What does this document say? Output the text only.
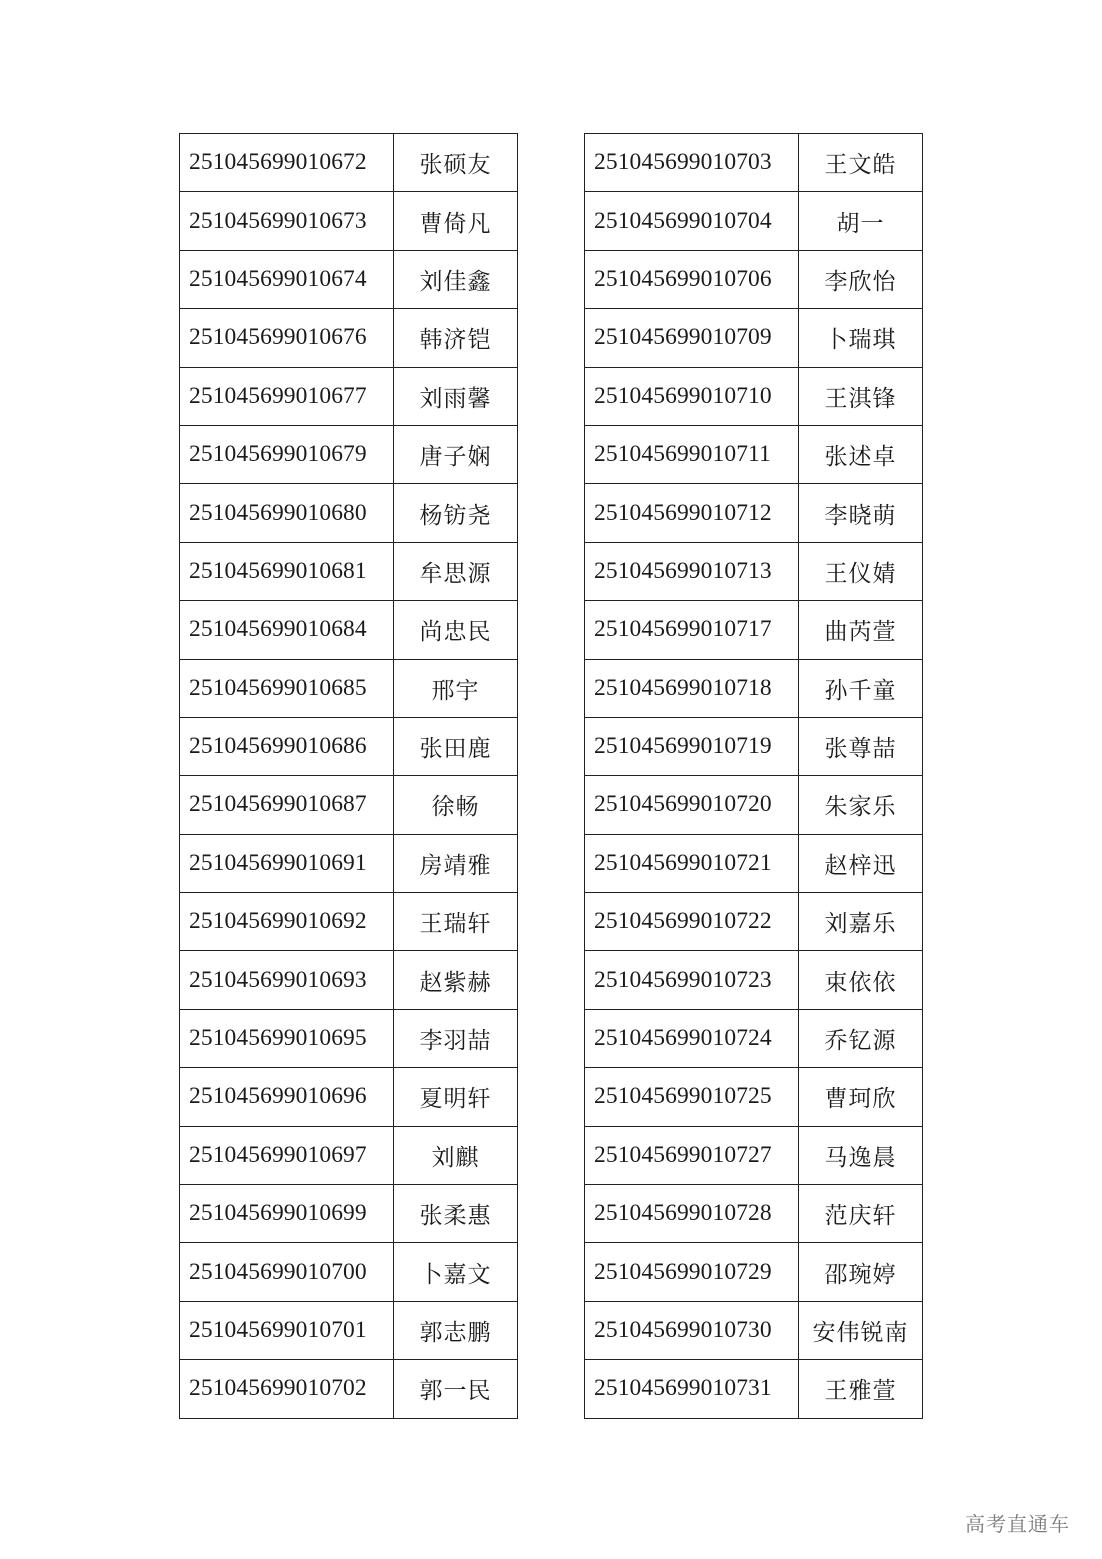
251045699010672	张硕友
251045699010673	曹倚凡
251045699010674	刘佳鑫
251045699010676	韩济铠
251045699010677	刘雨馨
251045699010679	唐子娴
251045699010680	杨钫尧
251045699010681	牟思源
251045699010684	尚忠民
251045699010685	邢宇
251045699010686	张田鹿
251045699010687	徐畅
251045699010691	房靖雅
251045699010692	王瑞轩
251045699010693	赵紫赫
251045699010695	李羽喆
251045699010696	夏明轩
251045699010697	刘麒
251045699010699	张柔惠
251045699010700	卜嘉文
251045699010701	郭志鹏
251045699010702	郭一民
251045699010703	王文皓
251045699010704	胡一
251045699010706	李欣怡
251045699010709	卜瑞琪
251045699010710	王淇锋
251045699010711	张述卓
251045699010712	李晓萌
251045699010713	王仪婧
251045699010717	曲芮萱
251045699010718	孙千童
251045699010719	张尊喆
251045699010720	朱家乐
251045699010721	赵梓迅
251045699010722	刘嘉乐
251045699010723	束依依
251045699010724	乔钇源
251045699010725	曹珂欣
251045699010727	马逸晨
251045699010728	范庆轩
251045699010729	邵琬婷
251045699010730	安伟锐南
251045699010731	王雅萱
高考直通车
